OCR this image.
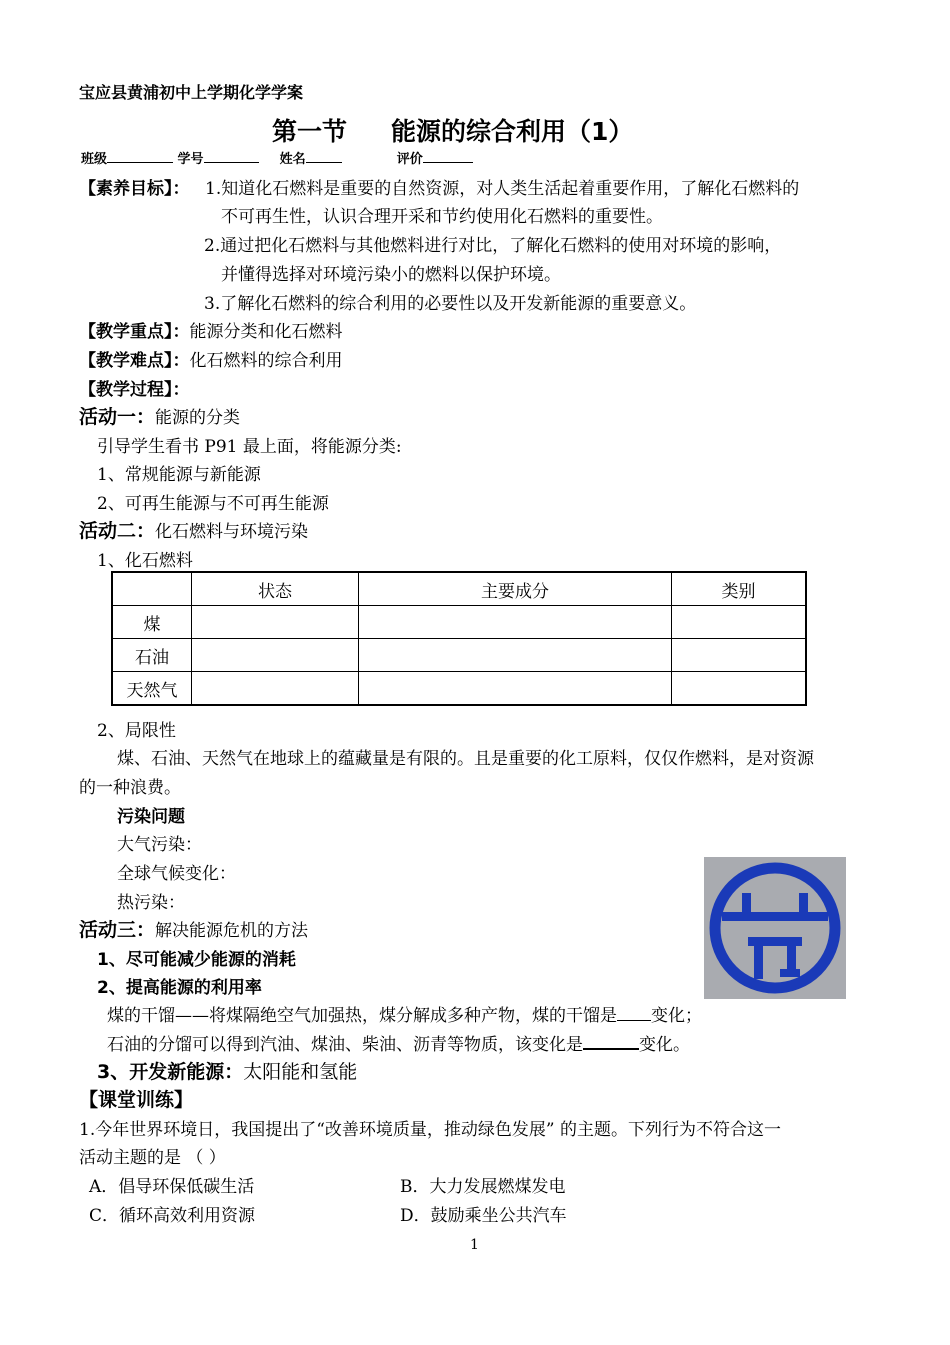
宝应县黄浦初中上学期化学学案
第一节 能源的综合利用（1）
班级	学号	姓名	评价
【素养目标】： 1.知道化石燃料是重要的自然资源，对人类生活起着重要作用，了解化石燃料的
不可再生性，认识合理开采和节约使用化石燃料的重要性。
2.通过把化石燃料与其他燃料进行对比，了解化石燃料的使用对环境的影响，
并懂得选择对环境污染小的燃料以保护环境。
3.了解化石燃料的综合利用的必要性以及开发新能源的重要意义。
【教学重点】：能源分类和化石燃料
【教学难点】：化石燃料的综合利用
【教学过程】：
活动一：能源的分类
引导学生看书 P91 最上面，将能源分类:
1、常规能源与新能源
2、可再生能源与不可再生能源
活动二：化石燃料与环境污染
1、化石燃料
	状态	主要成分	类别
煤			
石油			
天然气			
2、局限性
煤、石油、天然气在地球上的蕴藏量是有限的。且是重要的化工原料，仅仅作燃料，是对资源
的一种浪费。
污染问题
大气污染：
全球气候变化：
热污染：
活动三：解决能源危机的方法
1、尽可能减少能源的消耗
2、提高能源的利用率
煤的干馏——将煤隔绝空气加强热，煤分解成多种产物，煤的干馏是 变化；
石油的分馏可以得到汽油、煤油、柴油、沥青等物质，该变化是	变化。
3、开发新能源：太阳能和氢能
【课堂训练】
1.今年世界环境日，我国提出了“改善环境质量，推动绿色发展” 的主题。下列行为不符合这一
活动主题的是 （ ）
A．倡导环保低碳生活	B．大力发展燃煤发电
C．循环高效利用资源	D．鼓励乘坐公共汽车
1
